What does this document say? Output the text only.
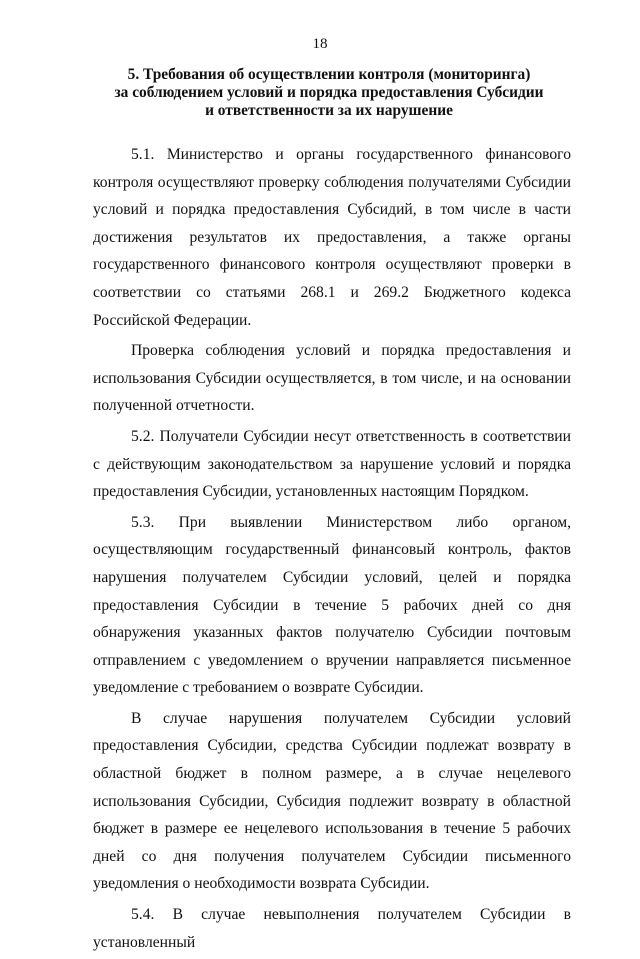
18
5. Требования об осуществлении контроля (мониторинга)
за соблюдением условий и порядка предоставления Субсидии
и ответственности за их нарушение

5.1. Министерство и органы государственного финансового контроля осуществляют проверку соблюдения получателями Субсидии условий и порядка предоставления Субсидий, в том числе в части достижения результатов их предоставления, а также органы государственного финансового контроля осуществляют проверки в соответствии со статьями 268.1 и 269.2 Бюджетного кодекса Российской Федерации.

Проверка соблюдения условий и порядка предоставления и использования Субсидии осуществляется, в том числе, и на основании полученной отчетности.

5.2. Получатели Субсидии несут ответственность в соответствии с действующим законодательством за нарушение условий и порядка предоставления Субсидии, установленных настоящим Порядком.

5.3. При выявлении Министерством либо органом, осуществляющим государственный финансовый контроль, фактов нарушения получателем Субсидии условий, целей и порядка предоставления Субсидии в течение 5 рабочих дней со дня обнаружения указанных фактов получателю Субсидии почтовым отправлением с уведомлением о вручении направляется письменное уведомление с требованием о возврате Субсидии.

В случае нарушения получателем Субсидии условий предоставления Субсидии, средства Субсидии подлежат возврату в областной бюджет в полном размере, а в случае нецелевого использования Субсидии, Субсидия подлежит возврату в областной бюджет в размере ее нецелевого использования в течение 5 рабочих дней со дня получения получателем Субсидии письменного уведомления о необходимости возврата Субсидии.

5.4. В случае невыполнения получателем Субсидии в установленный
